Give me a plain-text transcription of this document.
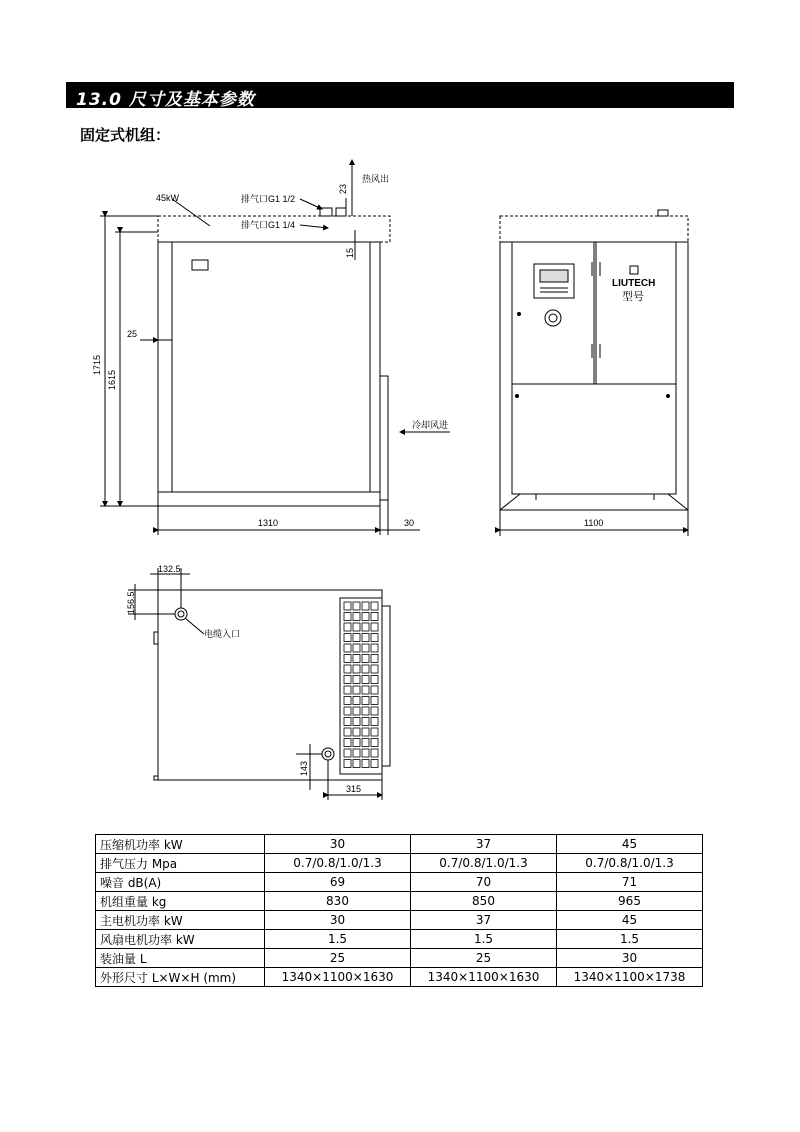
13.0 尺寸及基本参数
固定式机组：
热风出
45kW	排气口G1 1/2
排气口G1 1/4
23
15
25
1715
1615
冷却风进
1310	30
LIUTECH
型号
1100
132.5
156.5
电缆入口
143
315
压缩机功率 kW	30	37	45
排气压力 Mpa	0.7/0.8/1.0/1.3	0.7/0.8/1.0/1.3	0.7/0.8/1.0/1.3
噪音 dB(A)	69	70	71
机组重量 kg	830	850	965
主电机功率 kW	30	37	45
风扇电机功率 kW	1.5	1.5	1.5
装油量 L	25	25	30
外形尺寸 L×W×H (mm)	1340×1100×1630	1340×1100×1630	1340×1100×1738
